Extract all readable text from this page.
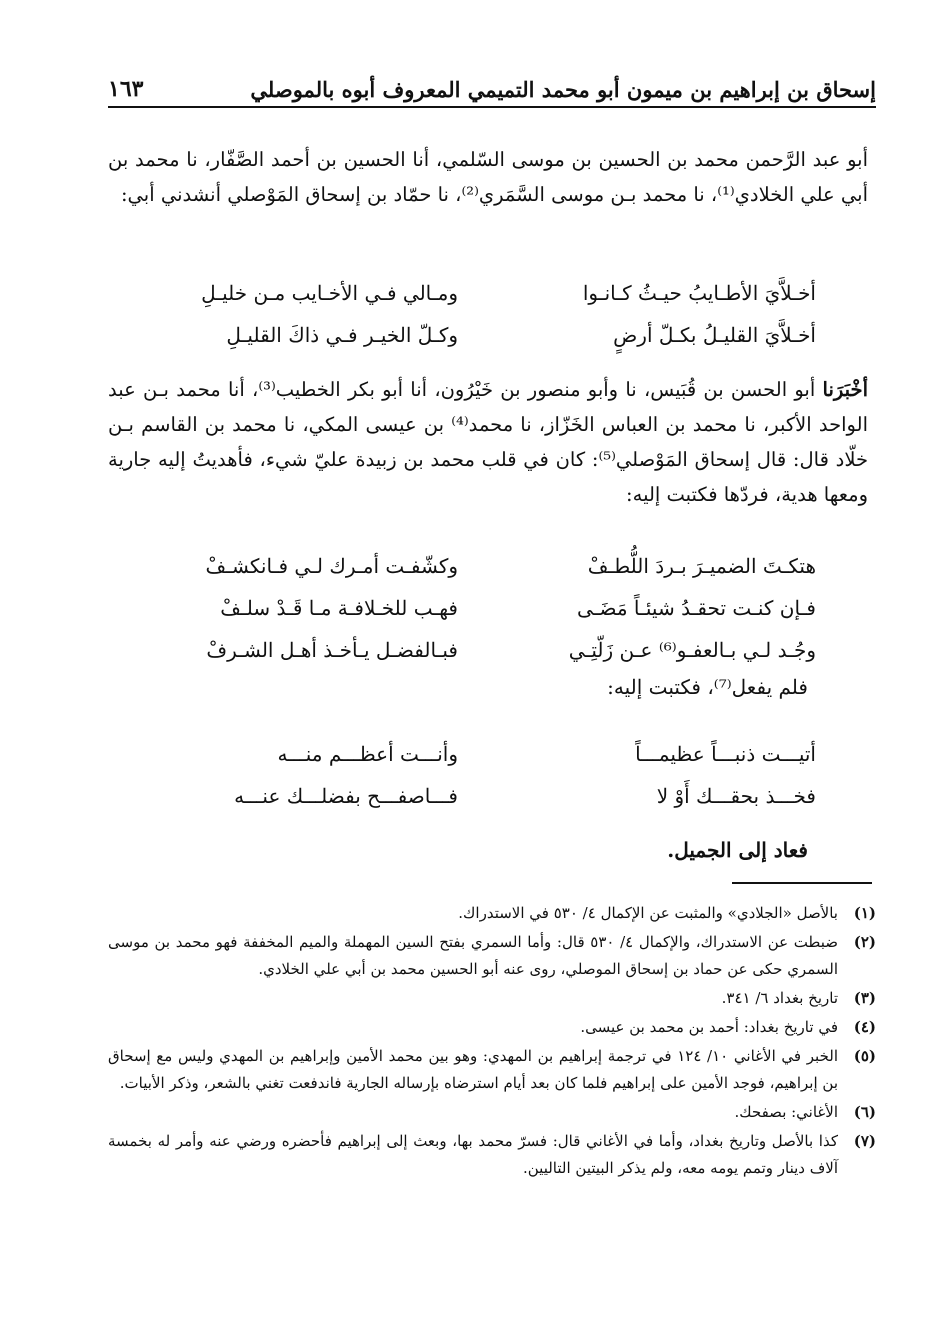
إسحاق بن إبراهيم بن ميمون أبو محمد التميمي المعروف أبوه بالموصلي
١٦٣

أبو عبد الرَّحمن محمد بن الحسين بن موسى السّلمي، أنا الحسين بن أحمد الصَّفّار، نا محمد بن أبي علي الخلادي⁽¹⁾، نا محمد بـن موسى السَّمَري⁽²⁾، نا حمّاد بن إسحاق المَوْصلي أنشدني أبي:

أخـلاَّيَ الأطـايبُ حيـثُ كـانـوا
ومـالي فـي الأخـايب مـن خليـلِ
أخـلاَّيَ القليـلُ بكـلّ أرضٍ
وكـلّ الخيـر فـي ذاكَ القليـلِ

أخْبَرَنا أبو الحسن بن قُبَيس، نا وأبو منصور بن خَيْرُون، أنا أبو بكر الخطيب⁽³⁾، أنا محمد بـن عبد الواحد الأكبر، نا محمد بن العباس الخَزّاز، نا محمد⁽⁴⁾ بن عيسى المكي، نا محمد بن القاسم بـن خلّاد قال: قال إسحاق المَوْصلي⁽⁵⁾: كان في قلب محمد بن زبيدة عليّ شيء، فأهديتُ إليه جارية ومعها هدية، فردّها فكتبت إليه:

هتكـتَ الضميـرَ بـردَ اللُّطـفْ
وكشّفـت أمـرك لـي فـانكشـفْ
فـإن كنـت تحقـدُ شيئـاً مَضَـى
فهـب للخـلافـة مـا قَـدْ سلـفْ
وجُـد لـي بـالعفـو⁽⁶⁾ عـن زَلّتِـي
فبـالفضـل يـأخـذ أهـل الشـرفْ
فلم يفعل⁽⁷⁾، فكتبت إليه:
أتيـــت ذنبـــاً عظيمـــاً
وأنـــت أعظـــم منـــه
فخـــذ بحقـــك أَوْ لا
فـــاصفـــح بفضلـــك عنـــه
فعاد إلى الجميل.
(١)
بالأصل «الجلادي» والمثبت عن الإكمال ٤/ ٥٣٠ في الاستدراك.
(٢)
ضبطت عن الاستدراك، والإكمال ٤/ ٥٣٠ قال: وأما السمري بفتح السين المهملة والميم المخففة فهو محمد بن موسى السمري حكى عن حماد بن إسحاق الموصلي، روى عنه أبو الحسين محمد بن أبي علي الخلادي.
(٣)
تاريخ بغداد ٦/ ٣٤١.
(٤)
في تاريخ بغداد: أحمد بن محمد بن عيسى.
(٥)
الخبر في الأغاني ١٠/ ١٢٤ في ترجمة إبراهيم بن المهدي: وهو بين محمد الأمين وإبراهيم بن المهدي وليس مع إسحاق بن إبراهيم، فوجد الأمين على إبراهيم فلما كان بعد أيام استرضاه بإرساله الجارية فاندفعت تغني بالشعر، وذكر الأبيات.
(٦)
الأغاني: بصفحك.
(٧)
كذا بالأصل وتاريخ بغداد، وأما في الأغاني قال: فسرّ محمد بها، وبعث إلى إبراهيم فأحضره ورضي عنه وأمر له بخمسة آلاف دينار وتمم يومه معه، ولم يذكر البيتين التاليين.
